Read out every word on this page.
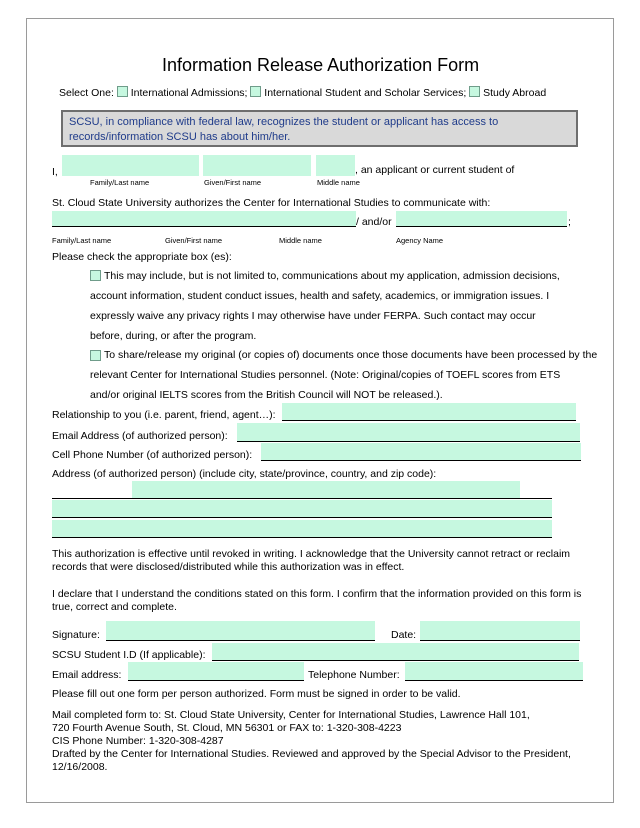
Information Release Authorization Form
Select One: International Admissions; International Student and Scholar Services; Study Abroad
SCSU, in compliance with federal law, recognizes the student or applicant has access to records/information SCSU has about him/her.
I,	, an applicant or current student of
Family/Last name	Given/First name	Middle name
St. Cloud State University authorizes the Center for International Studies to communicate with:
/ and/or	;
Family/Last name	Given/First name	Middle name	Agency Name
Please check the appropriate box (es):
This may include, but is not limited to, communications about my application, admission decisions,
account information, student conduct issues, health and safety, academics, or immigration issues. I
expressly waive any privacy rights I may otherwise have under FERPA. Such contact may occur
before, during, or after the program.
To share/release my original (or copies of) documents once those documents have been processed by the
relevant Center for International Studies personnel. (Note: Original/copies of TOEFL scores from ETS
and/or original IELTS scores from the British Council will NOT be released.).
Relationship to you (i.e. parent, friend, agent…):
Email Address (of authorized person):
Cell Phone Number (of authorized person):
Address (of authorized person) (include city, state/province, country, and zip code):
This authorization is effective until revoked in writing. I acknowledge that the University cannot retract or reclaim records that were disclosed/distributed while this authorization was in effect.
I declare that I understand the conditions stated on this form. I confirm that the information provided on this form is true, correct and complete.
Signature:	Date:
SCSU Student I.D (If applicable):
Email address:	Telephone Number:
Please fill out one form per person authorized. Form must be signed in order to be valid.
Mail completed form to: St. Cloud State University, Center for International Studies, Lawrence Hall 101,
720 Fourth Avenue South, St. Cloud, MN 56301 or FAX to: 1-320-308-4223
CIS Phone Number: 1-320-308-4287
Drafted by the Center for International Studies. Reviewed and approved by the Special Advisor to the President,
12/16/2008.
